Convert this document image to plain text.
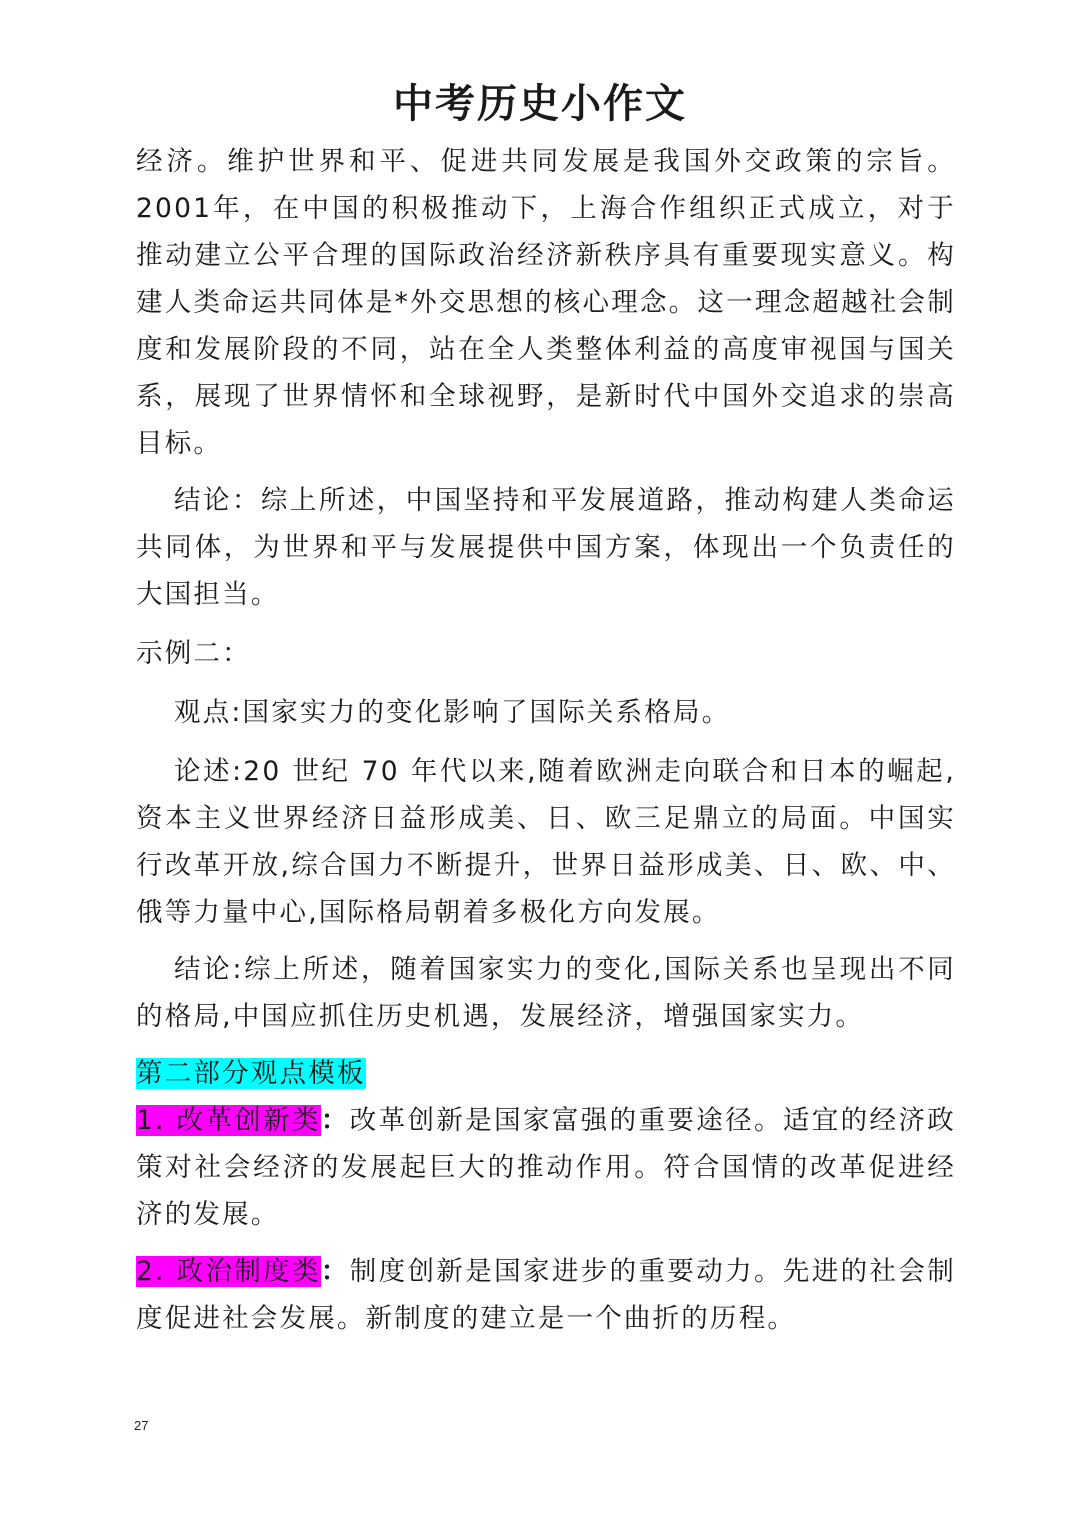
中考历史小作文

经济。维护世界和平、促进共同发展是我国外交政策的宗旨。2001年，在中国的积极推动下，上海合作组织正式成立，对于推动建立公平合理的国际政治经济新秩序具有重要现实意义。构建人类命运共同体是*外交思想的核心理念。这一理念超越社会制度和发展阶段的不同，站在全人类整体利益的高度审视国与国关系，展现了世界情怀和全球视野，是新时代中国外交追求的崇高目标。

结论：综上所述，中国坚持和平发展道路，推动构建人类命运共同体，为世界和平与发展提供中国方案，体现出一个负责任的大国担当。

示例二：

观点:国家实力的变化影响了国际关系格局。

论述:20 世纪 70 年代以来,随着欧洲走向联合和日本的崛起,资本主义世界经济日益形成美、日、欧三足鼎立的局面。中国实行改革开放,综合国力不断提升，世界日益形成美、日、欧、中、俄等力量中心,国际格局朝着多极化方向发展。

结论:综上所述，随着国家实力的变化,国际关系也呈现出不同的格局,中国应抓住历史机遇，发展经济，增强国家实力。

第二部分观点模板

1. 改革创新类：改革创新是国家富强的重要途径。适宜的经济政策对社会经济的发展起巨大的推动作用。符合国情的改革促进经济的发展。

2. 政治制度类：制度创新是国家进步的重要动力。先进的社会制度促进社会发展。新制度的建立是一个曲折的历程。

27
